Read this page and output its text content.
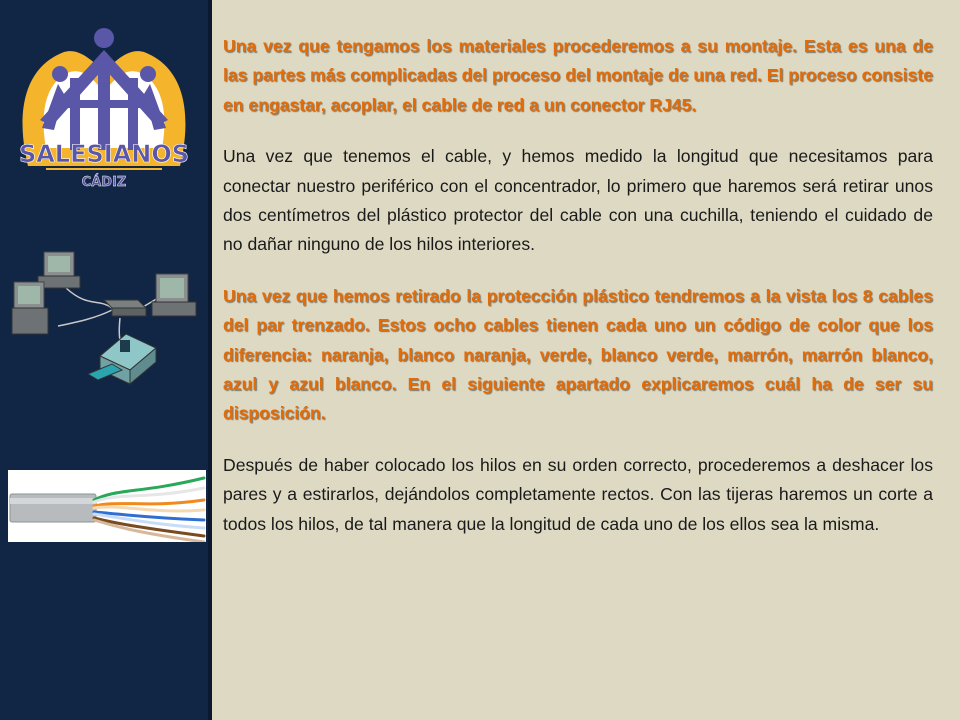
SALESIANOS
CÁDIZ

Una vez que tengamos los materiales procederemos a su montaje. Esta es una de las partes más complicadas del proceso del montaje de una red. El proceso consiste en engastar, acoplar, el cable de red a un conector RJ45.

Una vez que tenemos el cable, y hemos medido la longitud que necesitamos para conectar nuestro periférico con el concentrador, lo primero que haremos será retirar unos dos centímetros del plástico protector del cable con una cuchilla, teniendo el cuidado de no dañar ninguno de los hilos interiores.

Una vez que hemos retirado la protección plástico tendremos a la vista los 8 cables del par trenzado. Estos ocho cables tienen cada uno un código de color que los diferencia: naranja, blanco naranja, verde, blanco verde, marrón, marrón blanco, azul y azul blanco. En el siguiente apartado explicaremos cuál ha de ser su disposición.

Después de haber colocado los hilos en su orden correcto, procederemos a deshacer los pares y a estirarlos, dejándolos completamente rectos. Con las tijeras haremos un corte a todos los hilos, de tal manera que la longitud de cada uno de los ellos sea la misma.
